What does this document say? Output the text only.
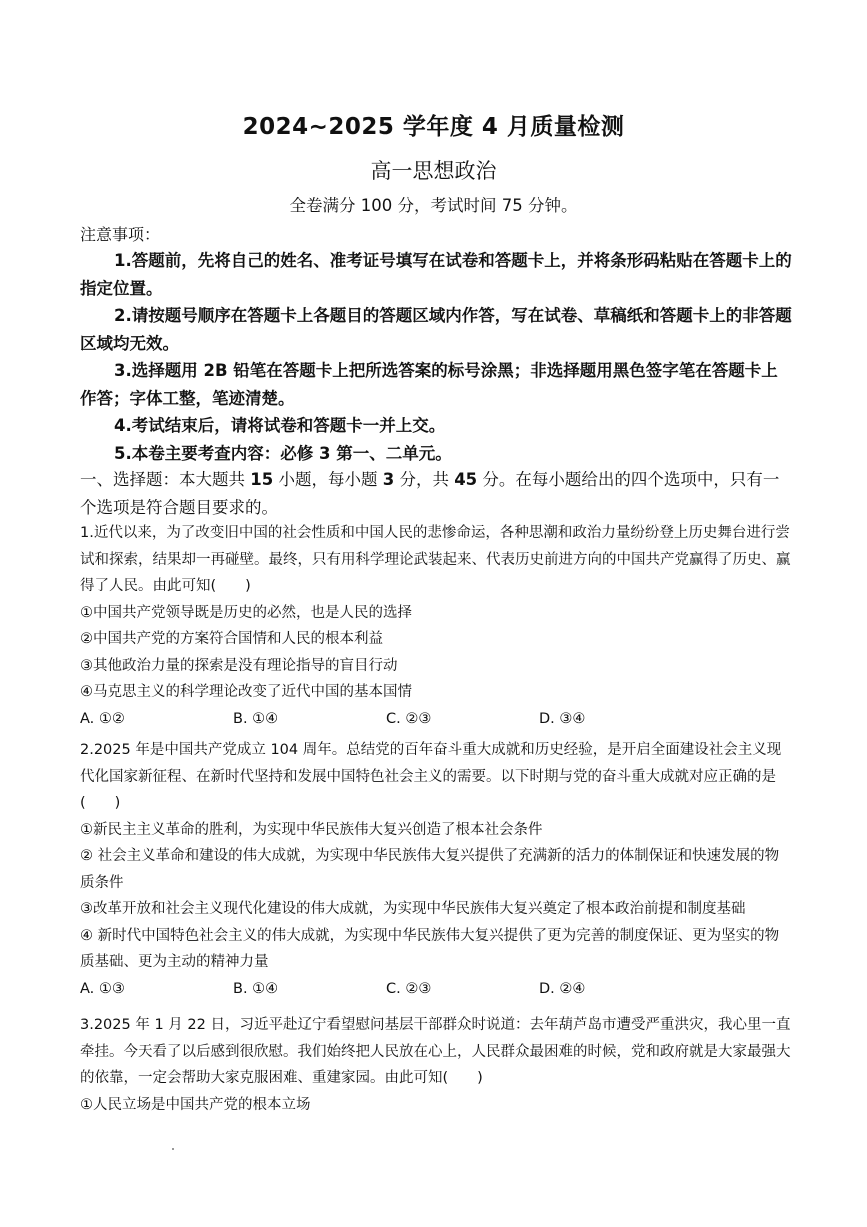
2024~2025 学年度 4 月质量检测
高一思想政治
全卷满分 100 分，考试时间 75 分钟。
注意事项：

1.答题前，先将自己的姓名、准考证号填写在试卷和答题卡上，并将条形码粘贴在答题卡上的指定位置。

2.请按题号顺序在答题卡上各题目的答题区域内作答，写在试卷、草稿纸和答题卡上的非答题区域均无效。

3.选择题用 2B 铅笔在答题卡上把所选答案的标号涂黑；非选择题用黑色签字笔在答题卡上作答；字体工整，笔迹清楚。

4.考试结束后，请将试卷和答题卡一并上交。

5.本卷主要考查内容：必修 3 第一、二单元。

一、选择题：本大题共 15 小题，每小题 3 分，共 45 分。在每小题给出的四个选项中，只有一个选项是符合题目要求的。

1.近代以来，为了改变旧中国的社会性质和中国人民的悲惨命运，各种思潮和政治力量纷纷登上历史舞台进行尝试和探索，结果却一再碰壁。最终，只有用科学理论武装起来、代表历史前进方向的中国共产党赢得了历史、赢得了人民。由此可知(　　)

①中国共产党领导既是历史的必然，也是人民的选择

②中国共产党的方案符合国情和人民的根本利益

③其他政治力量的探索是没有理论指导的盲目行动

④马克思主义的科学理论改变了近代中国的基本国情

A. ①②	B. ①④	C. ②③	D. ③④

2.2025 年是中国共产党成立 104 周年。总结党的百年奋斗重大成就和历史经验，是开启全面建设社会主义现代化国家新征程、在新时代坚持和发展中国特色社会主义的需要。以下时期与党的奋斗重大成就对应正确的是(　　)

①新民主主义革命的胜利，为实现中华民族伟大复兴创造了根本社会条件

② 社会主义革命和建设的伟大成就，为实现中华民族伟大复兴提供了充满新的活力的体制保证和快速发展的物质条件

③改革开放和社会主义现代化建设的伟大成就，为实现中华民族伟大复兴奠定了根本政治前提和制度基础

④ 新时代中国特色社会主义的伟大成就，为实现中华民族伟大复兴提供了更为完善的制度保证、更为坚实的物质基础、更为主动的精神力量

A. ①③	B. ①④	C. ②③	D. ②④

3.2025 年 1 月 22 日，习近平赴辽宁看望慰问基层干部群众时说道：去年葫芦岛市遭受严重洪灾，我心里一直牵挂。今天看了以后感到很欣慰。我们始终把人民放在心上，人民群众最困难的时候，党和政府就是大家最强大的依靠，一定会帮助大家克服困难、重建家园。由此可知(　　)

①人民立场是中国共产党的根本立场
